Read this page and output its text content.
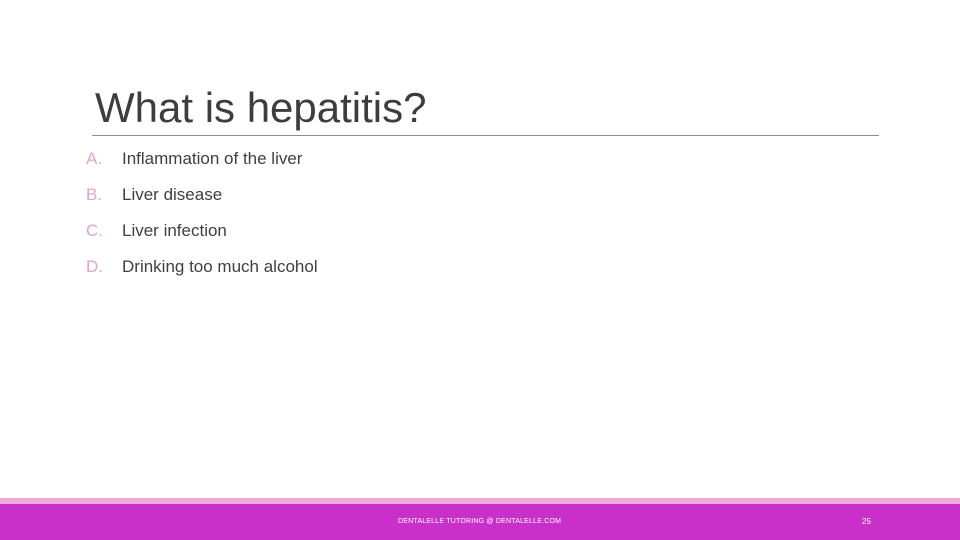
What is hepatitis?
A.	Inflammation of the liver
B.	Liver disease
C.	Liver infection
D.	Drinking too much alcohol
DENTALELLE TUTORING @ DENTALELLE.COM	25
